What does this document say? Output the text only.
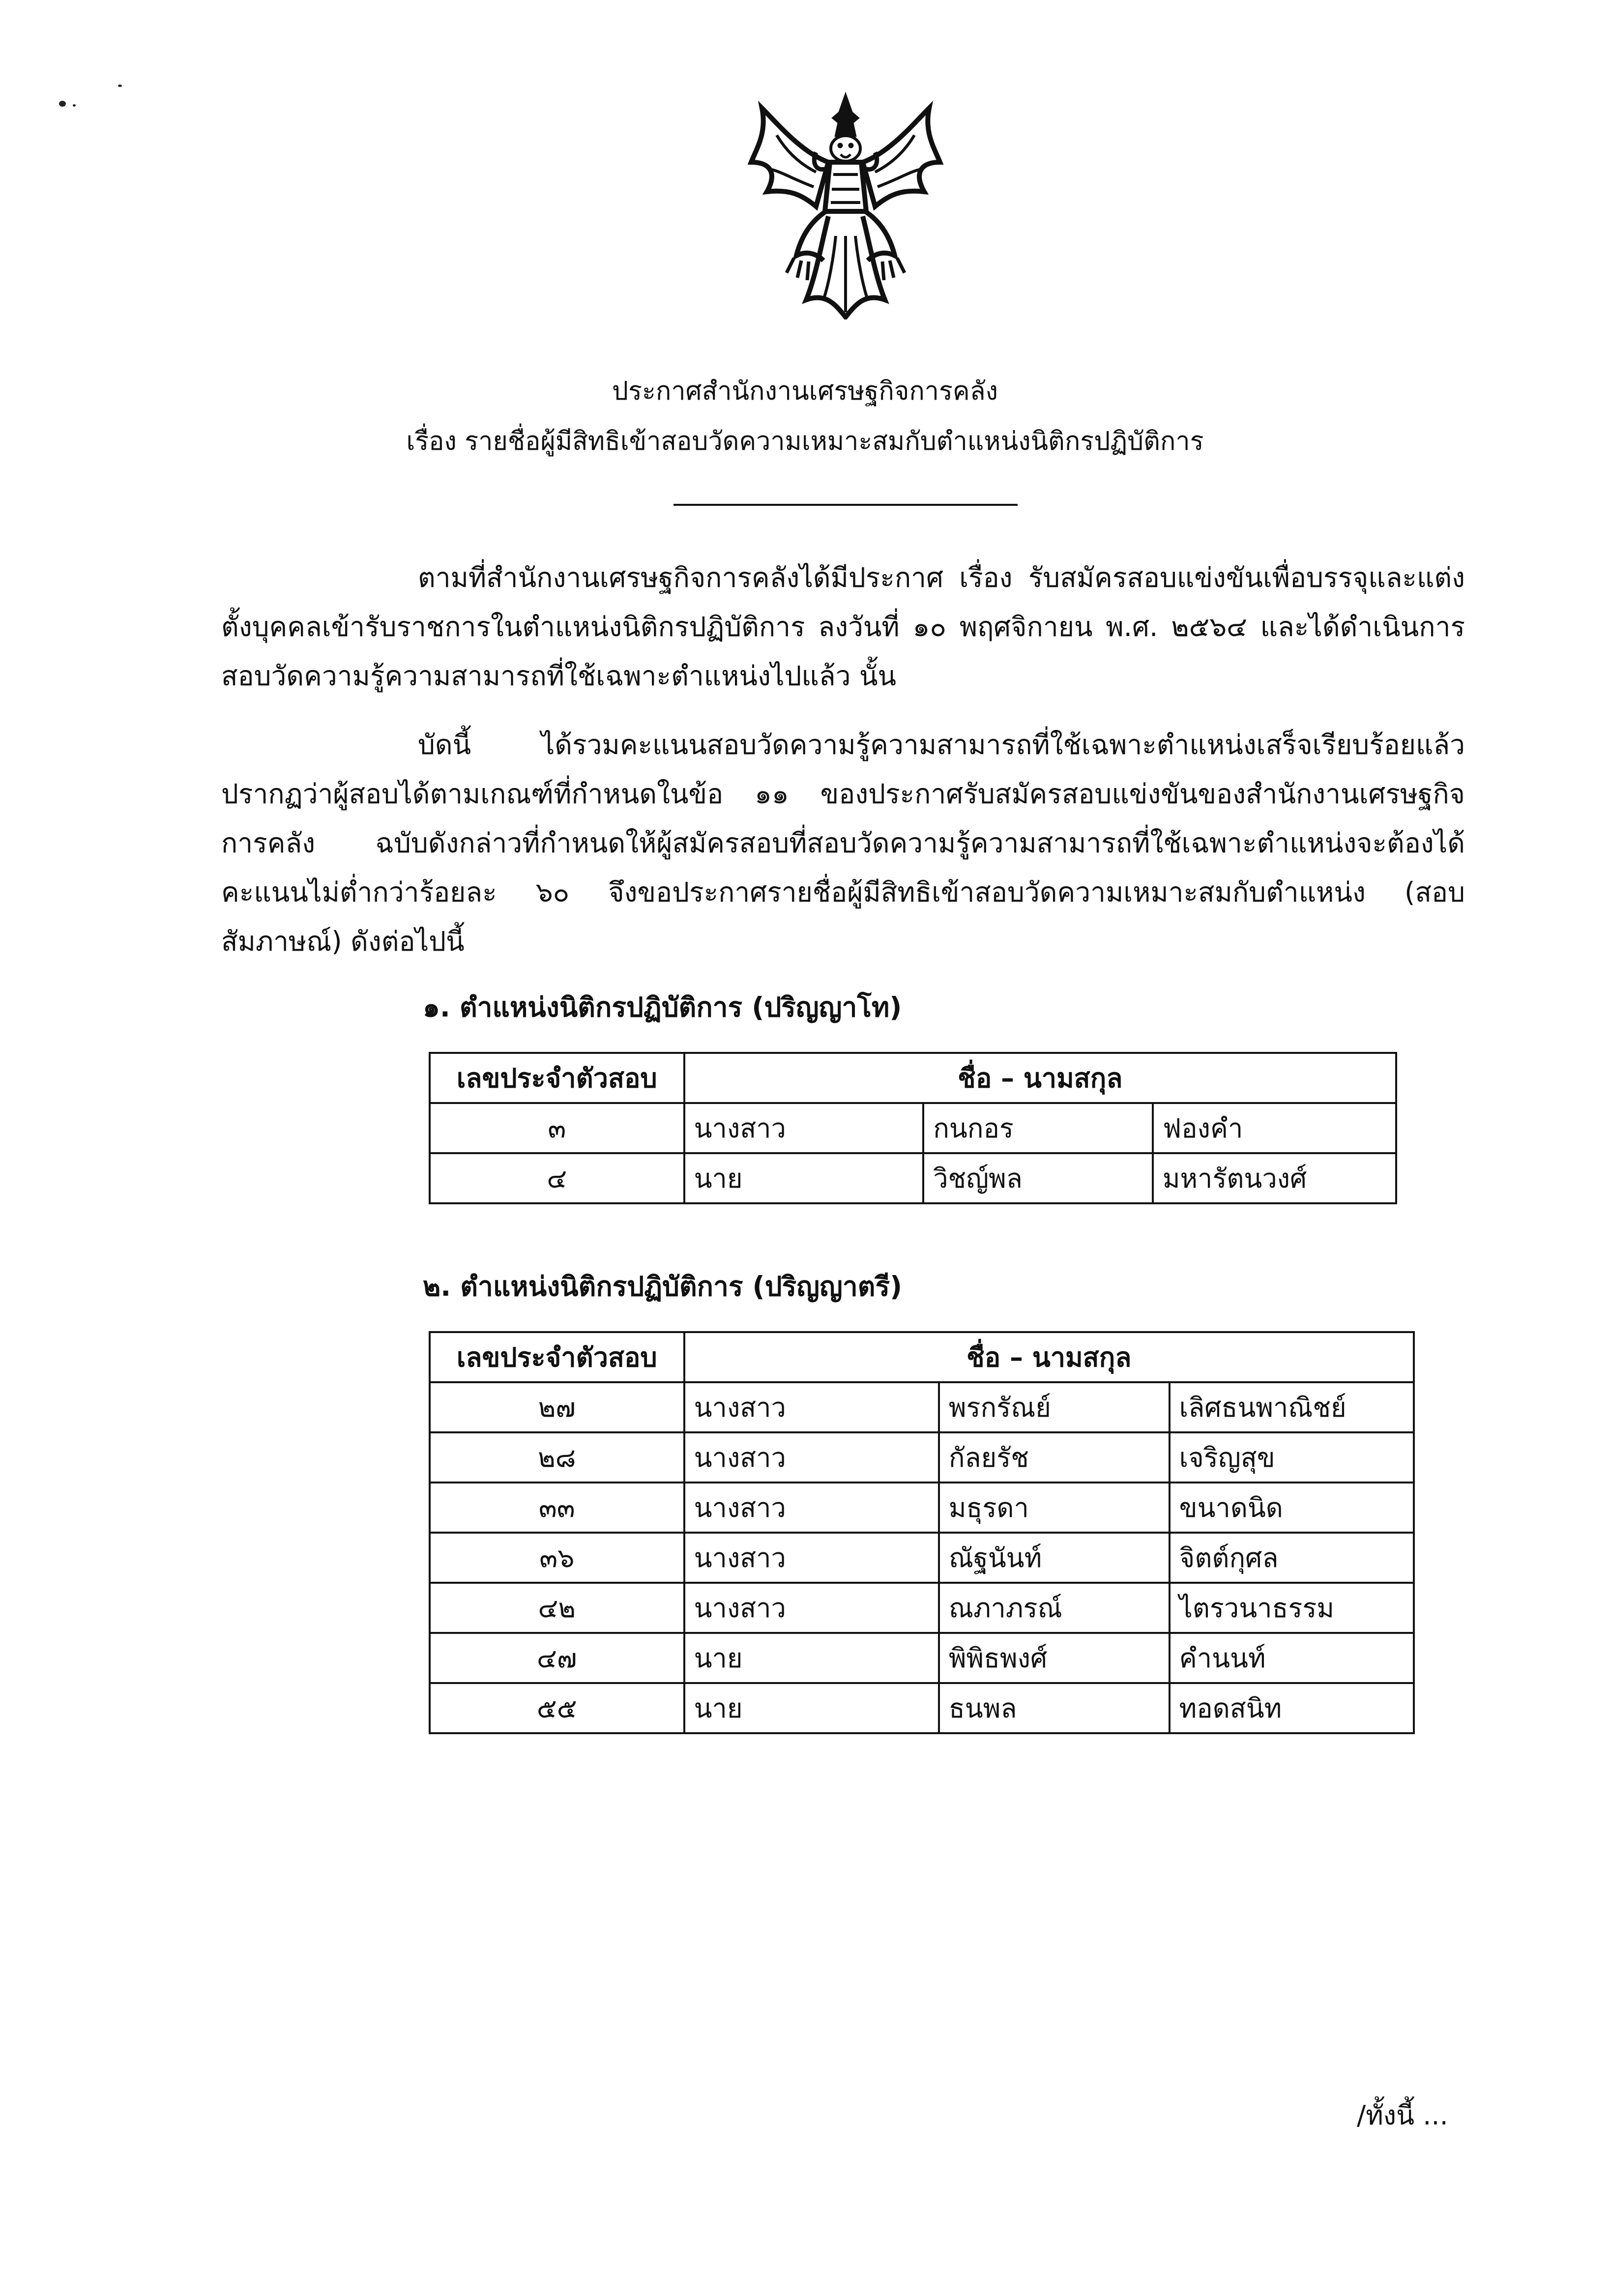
ประกาศสำนักงานเศรษฐกิจการคลัง
เรื่อง รายชื่อผู้มีสิทธิเข้าสอบวัดความเหมาะสมกับตำแหน่งนิติกรปฏิบัติการ

ตามที่สำนักงานเศรษฐกิจการคลังได้มีประกาศ เรื่อง รับสมัครสอบแข่งขันเพื่อบรรจุและแต่งตั้งบุคคลเข้ารับราชการในตำแหน่งนิติกรปฏิบัติการ ลงวันที่ ๑๐ พฤศจิกายน พ.ศ. ๒๕๖๔ และได้ดำเนินการสอบวัดความรู้ความสามารถที่ใช้เฉพาะตำแหน่งไปแล้ว นั้น

บัดนี้ ได้รวมคะแนนสอบวัดความรู้ความสามารถที่ใช้เฉพาะตำแหน่งเสร็จเรียบร้อยแล้ว ปรากฏว่าผู้สอบได้ตามเกณฑ์ที่กำหนดในข้อ ๑๑ ของประกาศรับสมัครสอบแข่งขันของสำนักงานเศรษฐกิจการคลัง ฉบับดังกล่าวที่กำหนดให้ผู้สมัครสอบที่สอบวัดความรู้ความสามารถที่ใช้เฉพาะตำแหน่งจะต้องได้คะแนนไม่ต่ำกว่าร้อยละ ๖๐ จึงขอประกาศรายชื่อผู้มีสิทธิเข้าสอบวัดความเหมาะสมกับตำแหน่ง (สอบสัมภาษณ์) ดังต่อไปนี้

๑. ตำแหน่งนิติกรปฏิบัติการ (ปริญญาโท)
เลขประจำตัวสอบ	ชื่อ – นามสกุล		
๓	นางสาว	กนกอร	ฟองคำ
๔	นาย	วิชญ์พล	มหารัตนวงศ์
๒. ตำแหน่งนิติกรปฏิบัติการ (ปริญญาตรี)
เลขประจำตัวสอบ	ชื่อ – นามสกุล		
๒๗	นางสาว	พรกรัณย์	เลิศธนพาณิชย์
๒๘	นางสาว	กัลยรัช	เจริญสุข
๓๓	นางสาว	มธุรดา	ขนาดนิด
๓๖	นางสาว	ณัฐนันท์	จิตต์กุศล
๔๒	นางสาว	ณภาภรณ์	ไตรวนาธรรม
๔๗	นาย	พิพิธพงศ์	คำนนท์
๕๕	นาย	ธนพล	ทอดสนิท
/ทั้งนี้ ...
